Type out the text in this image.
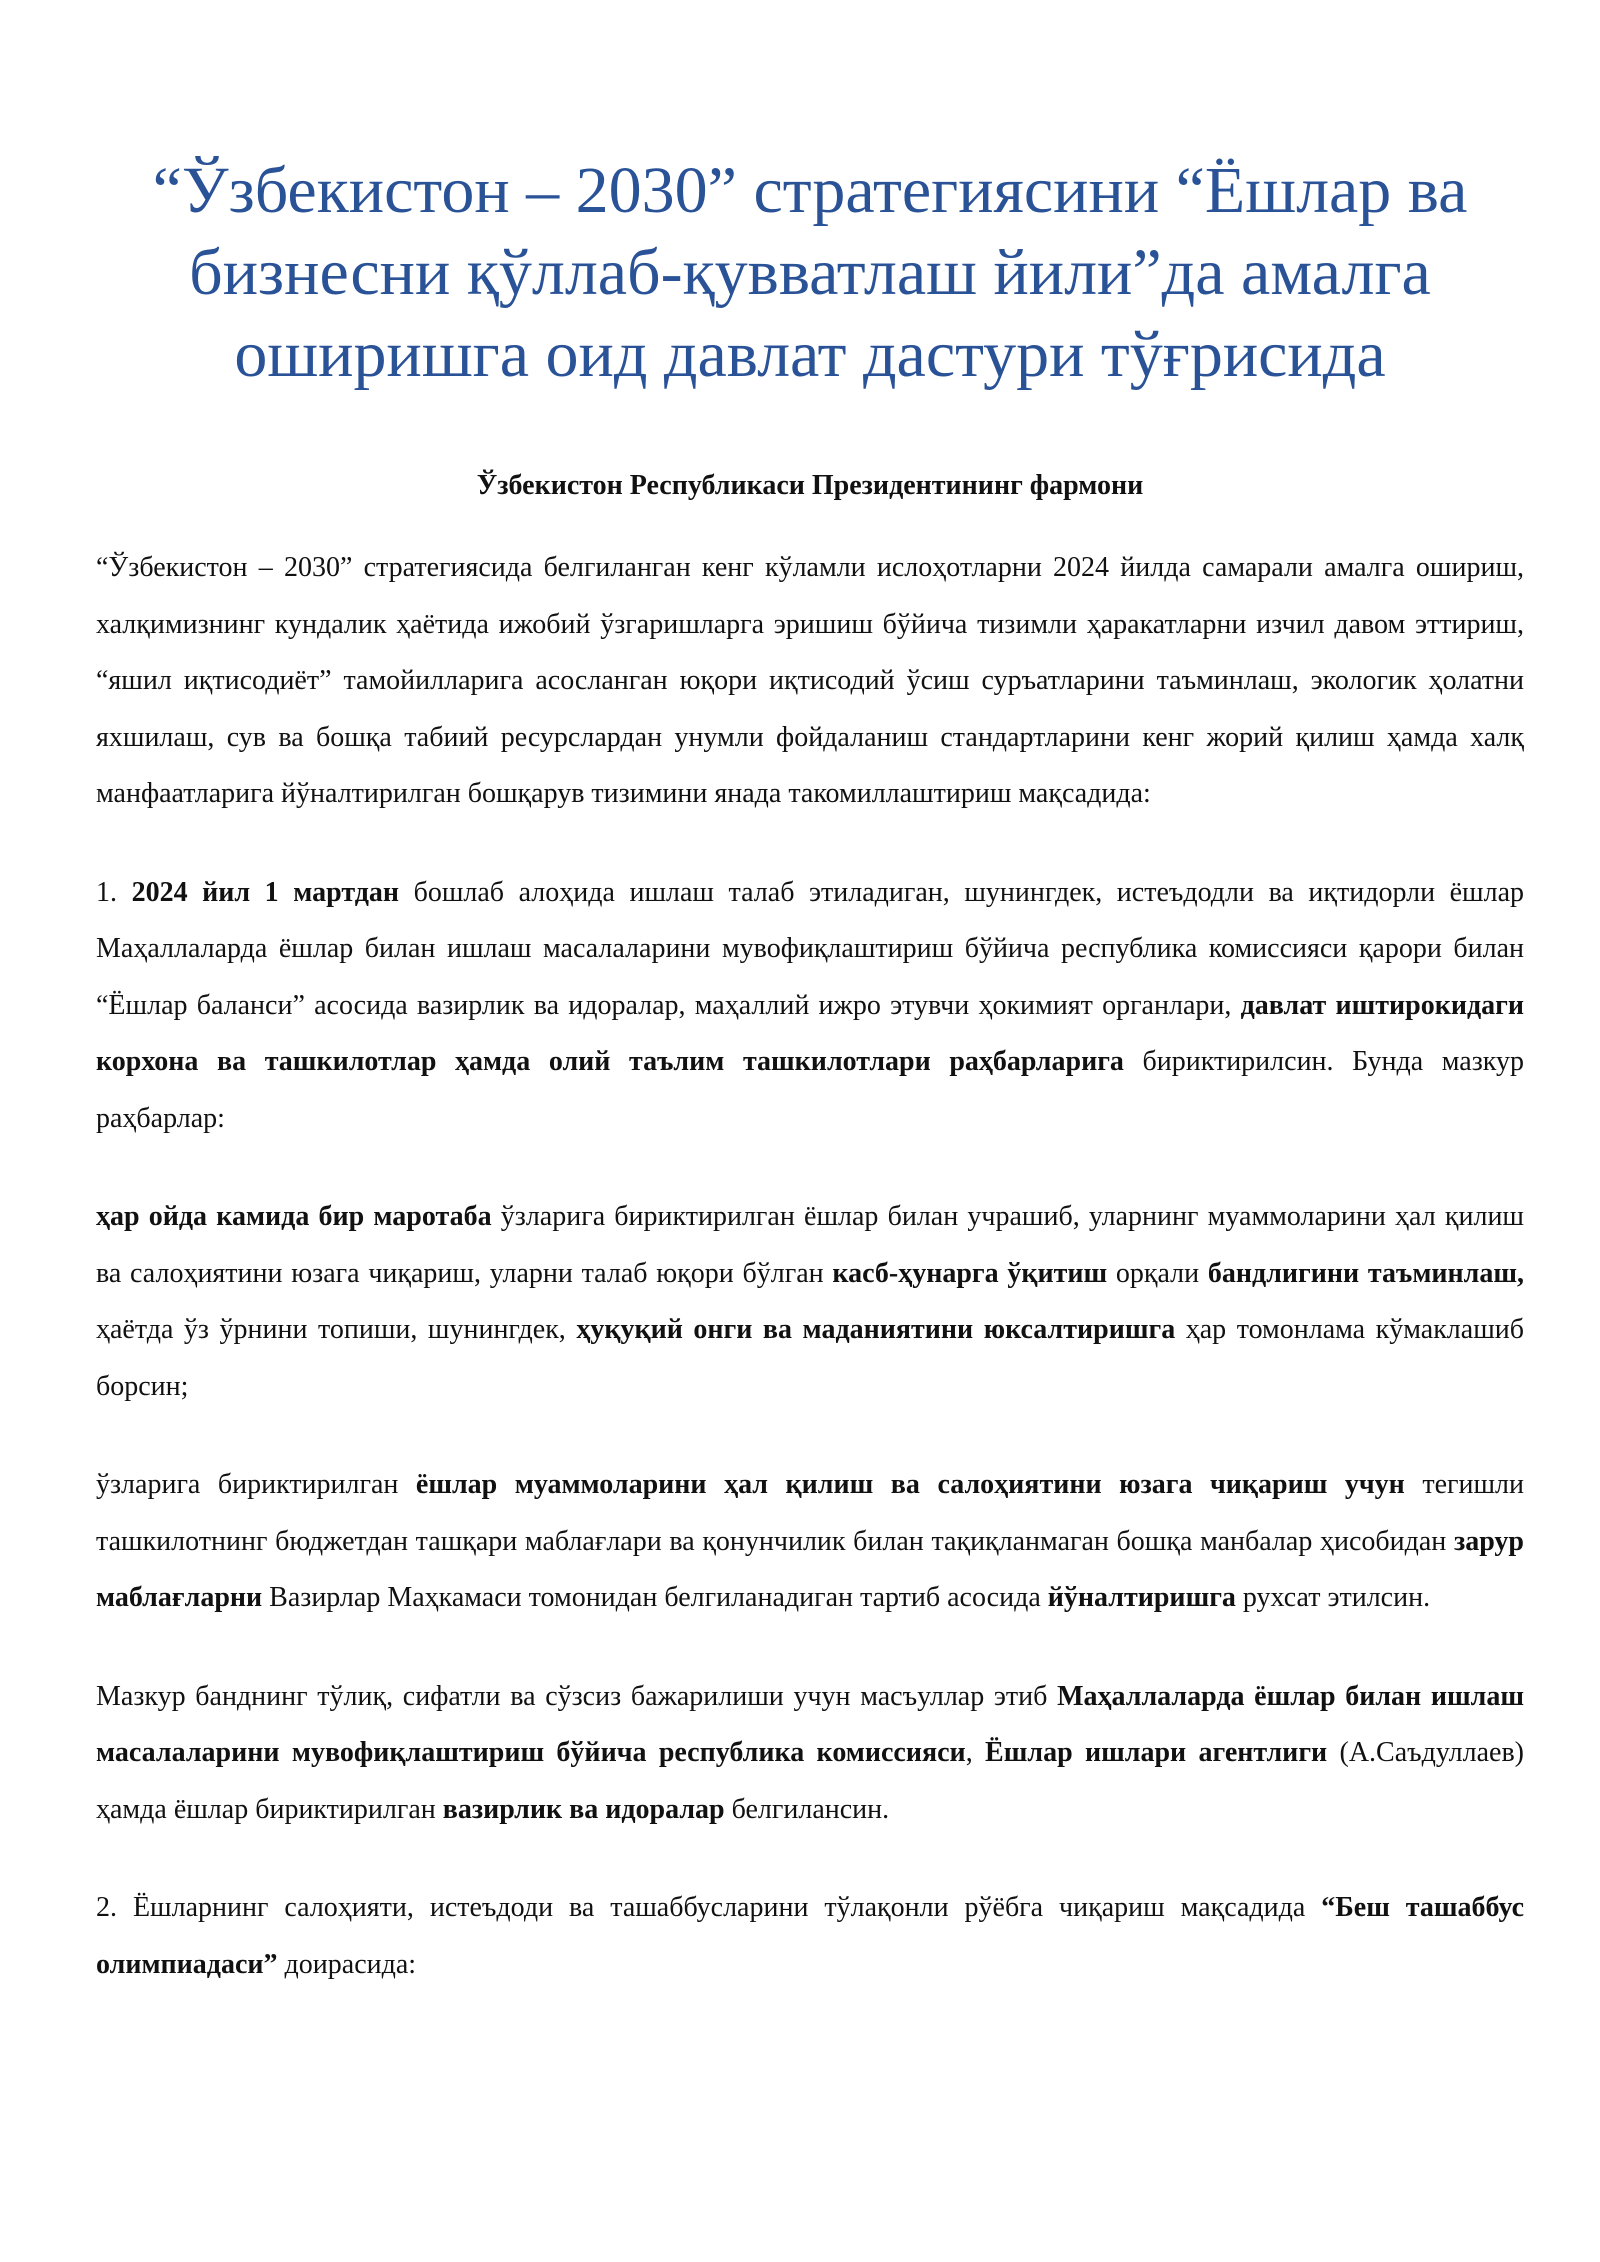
“Ўзбекистон – 2030” стратегиясини “Ёшлар ва бизнесни қўллаб-қувватлаш йили”да амалга оширишга оид давлат дастури тўғрисида

Ўзбекистон Республикаси Президентининг фармони

“Ўзбекистон – 2030” стратегиясида белгиланган кенг кўламли ислоҳотларни 2024 йилда самарали амалга ошириш, халқимизнинг кундалик ҳаётида ижобий ўзгаришларга эришиш бўйича тизимли ҳаракатларни изчил давом эттириш, “яшил иқтисодиёт” тамойилларига асосланган юқори иқтисодий ўсиш суръатларини таъминлаш, экологик ҳолатни яхшилаш, сув ва бошқа табиий ресурслардан унумли фойдаланиш стандартларини кенг жорий қилиш ҳамда халқ манфаатларига йўналтирилган бошқарув тизимини янада такомиллаштириш мақсадида:

1. 2024 йил 1 мартдан бошлаб алоҳида ишлаш талаб этиладиган, шунингдек, истеъдодли ва иқтидорли ёшлар Маҳаллаларда ёшлар билан ишлаш масалаларини мувофиқлаштириш бўйича республика комиссияси қарори билан “Ёшлар баланси” асосида вазирлик ва идоралар, маҳаллий ижро этувчи ҳокимият органлари, давлат иштирокидаги корхона ва ташкилотлар ҳамда олий таълим ташкилотлари раҳбарларига бириктирилсин. Бунда мазкур раҳбарлар:

ҳар ойда камида бир маротаба ўзларига бириктирилган ёшлар билан учрашиб, уларнинг муаммоларини ҳал қилиш ва салоҳиятини юзага чиқариш, уларни талаб юқори бўлган касб-ҳунарга ўқитиш орқали бандлигини таъминлаш, ҳаётда ўз ўрнини топиши, шунингдек, ҳуқуқий онги ва маданиятини юксалтиришга ҳар томонлама кўмаклашиб борсин;

ўзларига бириктирилган ёшлар муаммоларини ҳал қилиш ва салоҳиятини юзага чиқариш учун тегишли ташкилотнинг бюджетдан ташқари маблағлари ва қонунчилик билан тақиқланмаган бошқа манбалар ҳисобидан зарур маблағларни Вазирлар Маҳкамаси томонидан белгиланадиган тартиб асосида йўналтиришга рухсат этилсин.

Мазкур банднинг тўлиқ, сифатли ва сўзсиз бажарилиши учун масъуллар этиб Маҳаллаларда ёшлар билан ишлаш масалаларини мувофиқлаштириш бўйича республика комиссияси, Ёшлар ишлари агентлиги (А.Саъдуллаев) ҳамда ёшлар бириктирилган вазирлик ва идоралар белгилансин.

2. Ёшларнинг салоҳияти, истеъдоди ва ташаббусларини тўлақонли рўёбга чиқариш мақсадида “Беш ташаббус олимпиадаси” доирасида:
